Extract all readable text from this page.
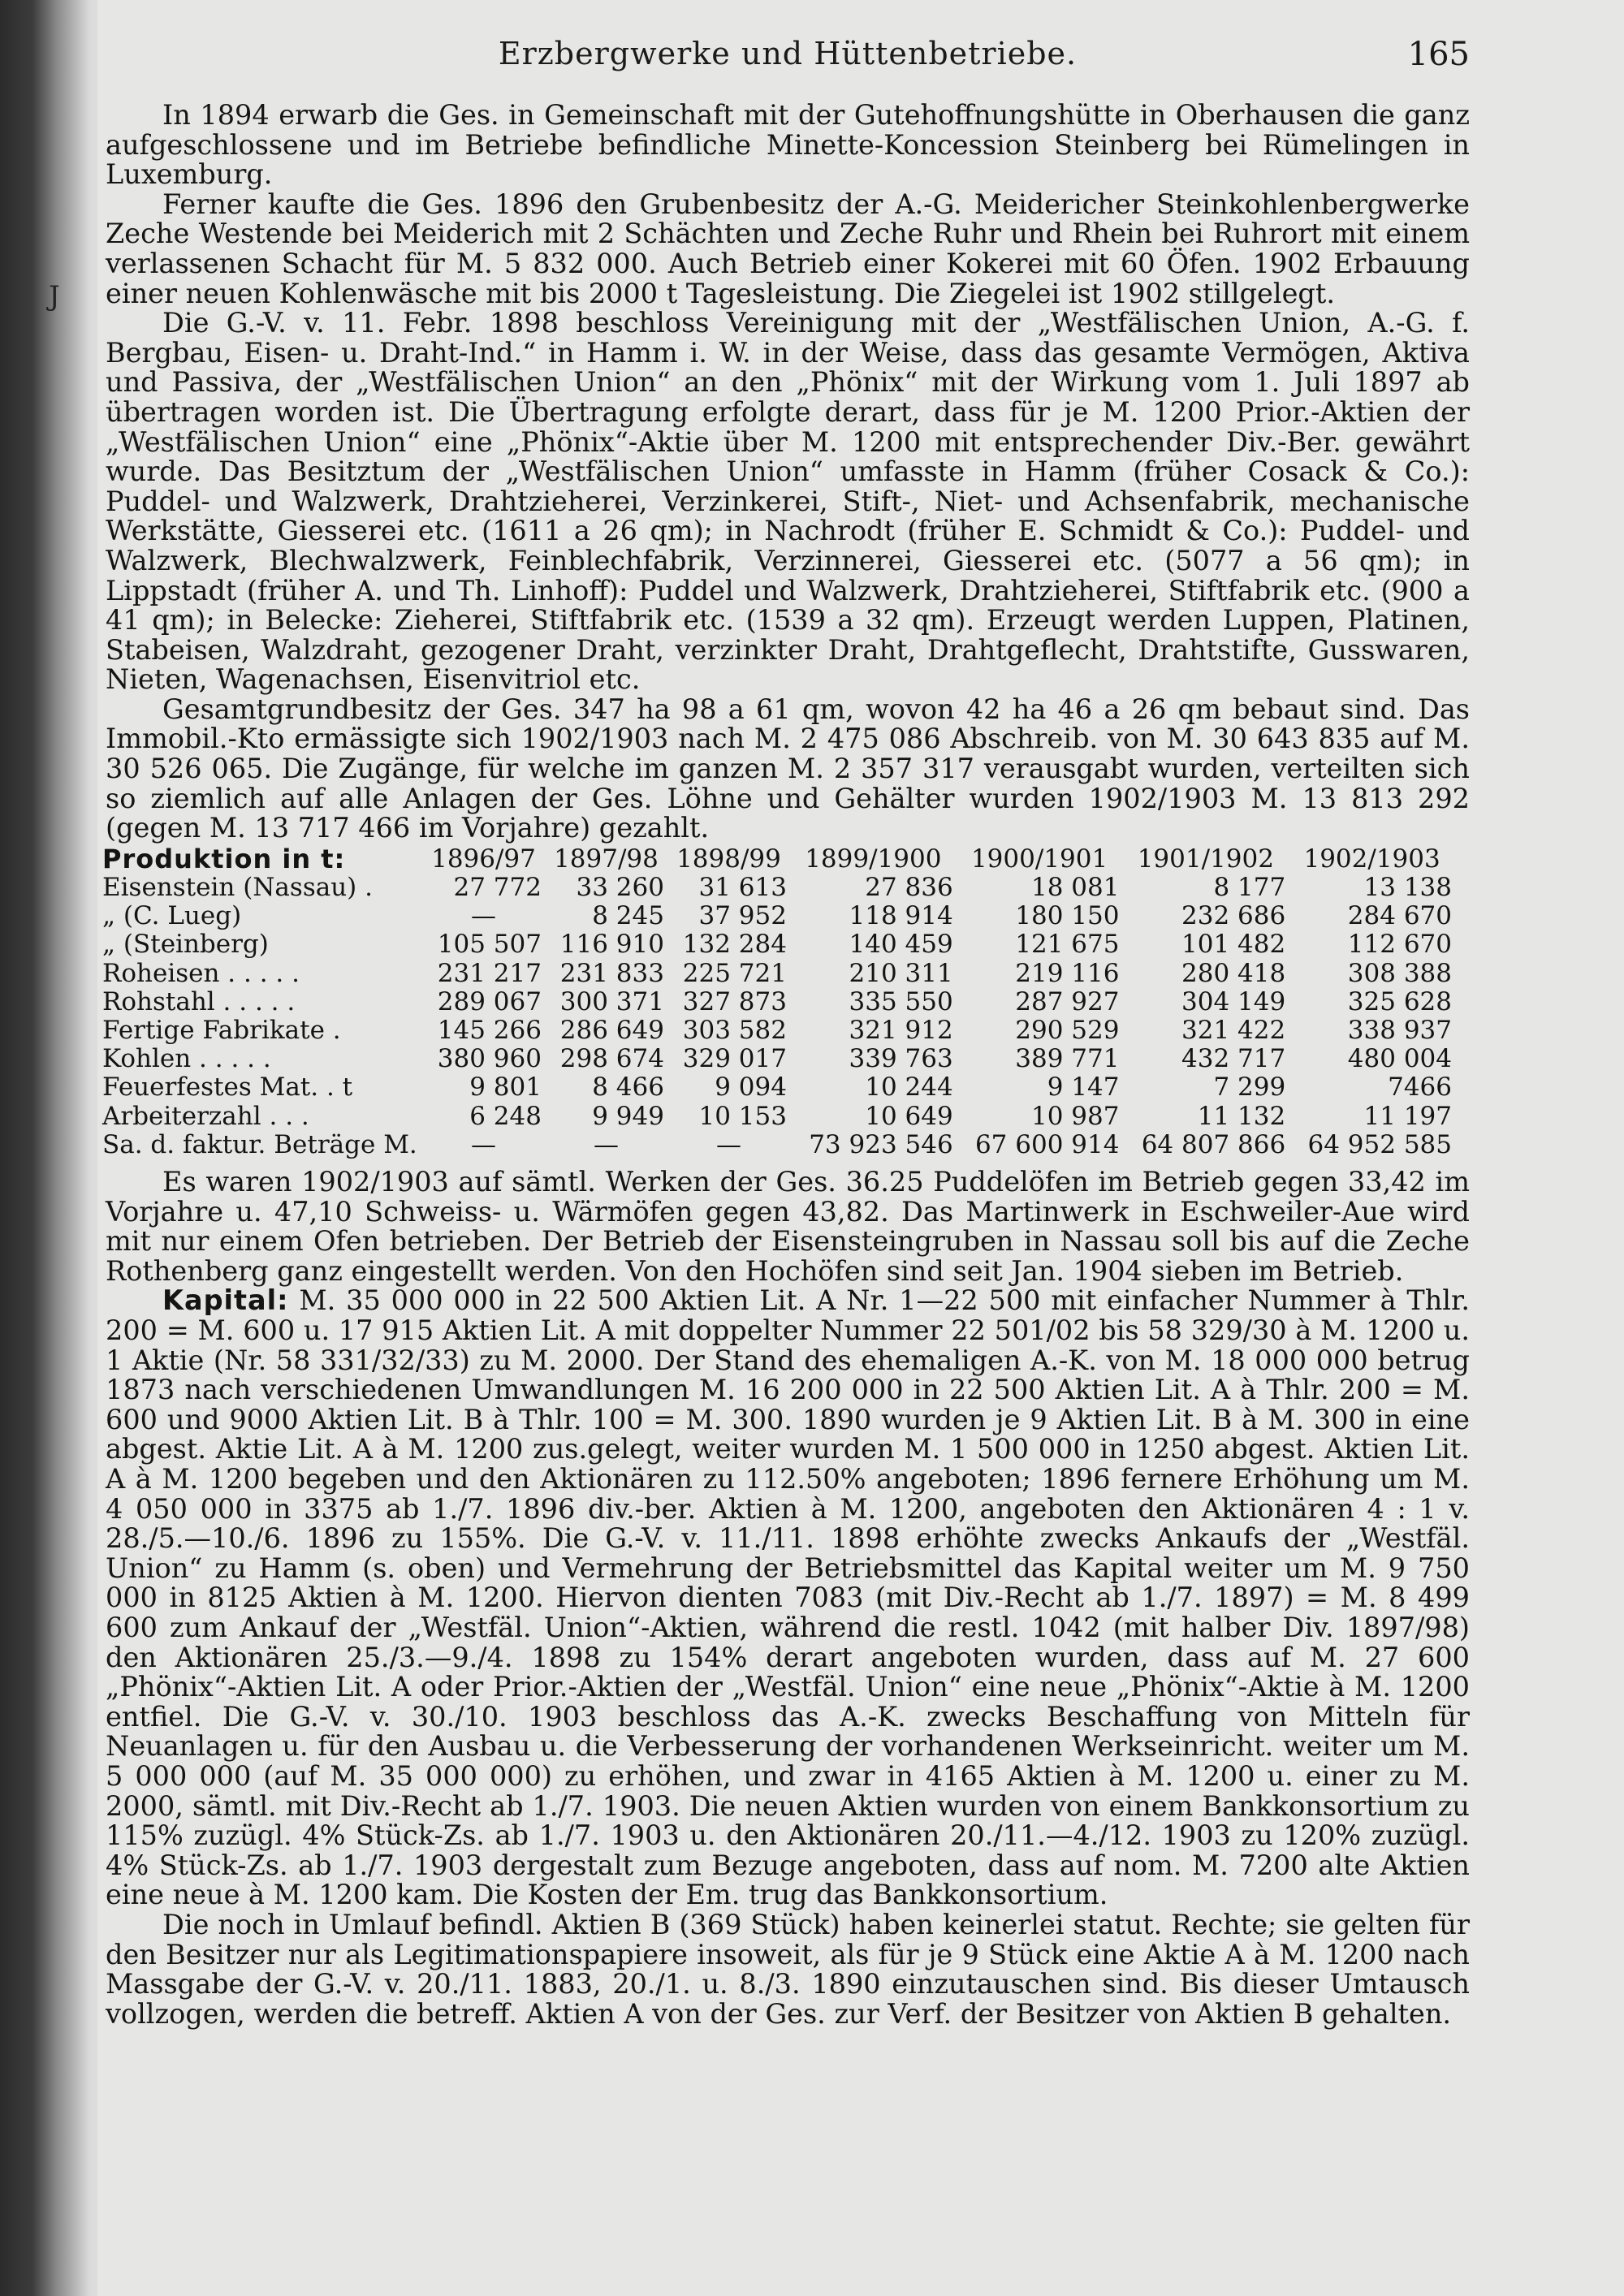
Erzbergwerke und Hüttenbetriebe.	165
J

In 1894 erwarb die Ges. in Gemeinschaft mit der Gutehoffnungshütte in Oberhausen die ganz aufgeschlossene und im Betriebe befindliche Minette-Koncession Steinberg bei Rümelingen in Luxemburg.

Ferner kaufte die Ges. 1896 den Grubenbesitz der A.-G. Meidericher Steinkohlenbergwerke Zeche Westende bei Meiderich mit 2 Schächten und Zeche Ruhr und Rhein bei Ruhrort mit einem verlassenen Schacht für M. 5 832 000. Auch Betrieb einer Kokerei mit 60 Öfen. 1902 Erbauung einer neuen Kohlenwäsche mit bis 2000 t Tagesleistung. Die Ziegelei ist 1902 stillgelegt.

Die G.-V. v. 11. Febr. 1898 beschloss Vereinigung mit der „Westfälischen Union, A.-G. f. Bergbau, Eisen- u. Draht-Ind.“ in Hamm i. W. in der Weise, dass das gesamte Vermögen, Aktiva und Passiva, der „Westfälischen Union“ an den „Phönix“ mit der Wirkung vom 1. Juli 1897 ab übertragen worden ist. Die Übertragung erfolgte derart, dass für je M. 1200 Prior.-Aktien der „Westfälischen Union“ eine „Phönix“-Aktie über M. 1200 mit entsprechender Div.-Ber. gewährt wurde. Das Besitztum der „Westfälischen Union“ umfasste in Hamm (früher Cosack & Co.): Puddel- und Walzwerk, Drahtzieherei, Verzinkerei, Stift-, Niet- und Achsenfabrik, mechanische Werkstätte, Giesserei etc. (1611 a 26 qm); in Nachrodt (früher E. Schmidt & Co.): Puddel- und Walzwerk, Blechwalzwerk, Feinblechfabrik, Verzinnerei, Giesserei etc. (5077 a 56 qm); in Lippstadt (früher A. und Th. Linhoff): Puddel und Walzwerk, Drahtzieherei, Stiftfabrik etc. (900 a 41 qm); in Belecke: Zieherei, Stiftfabrik etc. (1539 a 32 qm). Erzeugt werden Luppen, Platinen, Stabeisen, Walzdraht, gezogener Draht, verzinkter Draht, Drahtgeflecht, Drahtstifte, Gusswaren, Nieten, Wagenachsen, Eisenvitriol etc.

Gesamtgrundbesitz der Ges. 347 ha 98 a 61 qm, wovon 42 ha 46 a 26 qm bebaut sind. Das Immobil.-Kto ermässigte sich 1902/1903 nach M. 2 475 086 Abschreib. von M. 30 643 835 auf M. 30 526 065. Die Zugänge, für welche im ganzen M. 2 357 317 verausgabt wurden, verteilten sich so ziemlich auf alle Anlagen der Ges. Löhne und Gehälter wurden 1902/1903 M. 13 813 292 (gegen M. 13 717 466 im Vorjahre) gezahlt.

Produktion in t:	1896/97	1897/98	1898/99	1899/1900	1900/1901	1901/1902	1902/1903
Eisenstein (Nassau) .	27 772	33 260	31 613	27 836	18 081	8 177	13 138
„ (C. Lueg)	—	8 245	37 952	118 914	180 150	232 686	284 670
„ (Steinberg)	105 507	116 910	132 284	140 459	121 675	101 482	112 670
Roheisen . . . . .	231 217	231 833	225 721	210 311	219 116	280 418	308 388
Rohstahl . . . . .	289 067	300 371	327 873	335 550	287 927	304 149	325 628
Fertige Fabrikate .	145 266	286 649	303 582	321 912	290 529	321 422	338 937
Kohlen . . . . .	380 960	298 674	329 017	339 763	389 771	432 717	480 004
Feuerfestes Mat. . t	9 801	8 466	9 094	10 244	9 147	7 299	7466
Arbeiterzahl . . .	6 248	9 949	10 153	10 649	10 987	11 132	11 197
Sa. d. faktur. Beträge M.	—	—	—	73 923 546	67 600 914	64 807 866	64 952 585

Es waren 1902/1903 auf sämtl. Werken der Ges. 36.25 Puddelöfen im Betrieb gegen 33,42 im Vorjahre u. 47,10 Schweiss- u. Wärmöfen gegen 43,82. Das Martinwerk in Eschweiler-Aue wird mit nur einem Ofen betrieben. Der Betrieb der Eisensteingruben in Nassau soll bis auf die Zeche Rothenberg ganz eingestellt werden. Von den Hochöfen sind seit Jan. 1904 sieben im Betrieb.

Kapital: M. 35 000 000 in 22 500 Aktien Lit. A Nr. 1—22 500 mit einfacher Nummer à Thlr. 200 = M. 600 u. 17 915 Aktien Lit. A mit doppelter Nummer 22 501/02 bis 58 329/30 à M. 1200 u. 1 Aktie (Nr. 58 331/32/33) zu M. 2000. Der Stand des ehemaligen A.-K. von M. 18 000 000 betrug 1873 nach verschiedenen Umwandlungen M. 16 200 000 in 22 500 Aktien Lit. A à Thlr. 200 = M. 600 und 9000 Aktien Lit. B à Thlr. 100 = M. 300. 1890 wurden je 9 Aktien Lit. B à M. 300 in eine abgest. Aktie Lit. A à M. 1200 zus.gelegt, weiter wurden M. 1 500 000 in 1250 abgest. Aktien Lit. A à M. 1200 begeben und den Aktionären zu 112.50% angeboten; 1896 fernere Erhöhung um M. 4 050 000 in 3375 ab 1./7. 1896 div.-ber. Aktien à M. 1200, angeboten den Aktionären 4 : 1 v. 28./5.—10./6. 1896 zu 155%. Die G.-V. v. 11./11. 1898 erhöhte zwecks Ankaufs der „Westfäl. Union“ zu Hamm (s. oben) und Vermehrung der Betriebsmittel das Kapital weiter um M. 9 750 000 in 8125 Aktien à M. 1200. Hiervon dienten 7083 (mit Div.-Recht ab 1./7. 1897) = M. 8 499 600 zum Ankauf der „Westfäl. Union“-Aktien, während die restl. 1042 (mit halber Div. 1897/98) den Aktionären 25./3.—9./4. 1898 zu 154% derart angeboten wurden, dass auf M. 27 600 „Phönix“-Aktien Lit. A oder Prior.-Aktien der „Westfäl. Union“ eine neue „Phönix“-Aktie à M. 1200 entfiel. Die G.-V. v. 30./10. 1903 beschloss das A.-K. zwecks Beschaffung von Mitteln für Neuanlagen u. für den Ausbau u. die Verbesserung der vorhandenen Werkseinricht. weiter um M. 5 000 000 (auf M. 35 000 000) zu erhöhen, und zwar in 4165 Aktien à M. 1200 u. einer zu M. 2000, sämtl. mit Div.-Recht ab 1./7. 1903. Die neuen Aktien wurden von einem Bankkonsortium zu 115% zuzügl. 4% Stück-Zs. ab 1./7. 1903 u. den Aktionären 20./11.—4./12. 1903 zu 120% zuzügl. 4% Stück-Zs. ab 1./7. 1903 dergestalt zum Bezuge angeboten, dass auf nom. M. 7200 alte Aktien eine neue à M. 1200 kam. Die Kosten der Em. trug das Bankkonsortium.

Die noch in Umlauf befindl. Aktien B (369 Stück) haben keinerlei statut. Rechte; sie gelten für den Besitzer nur als Legitimationspapiere insoweit, als für je 9 Stück eine Aktie A à M. 1200 nach Massgabe der G.-V. v. 20./11. 1883, 20./1. u. 8./3. 1890 einzutauschen sind. Bis dieser Umtausch vollzogen, werden die betreff. Aktien A von der Ges. zur Verf. der Besitzer von Aktien B gehalten.
